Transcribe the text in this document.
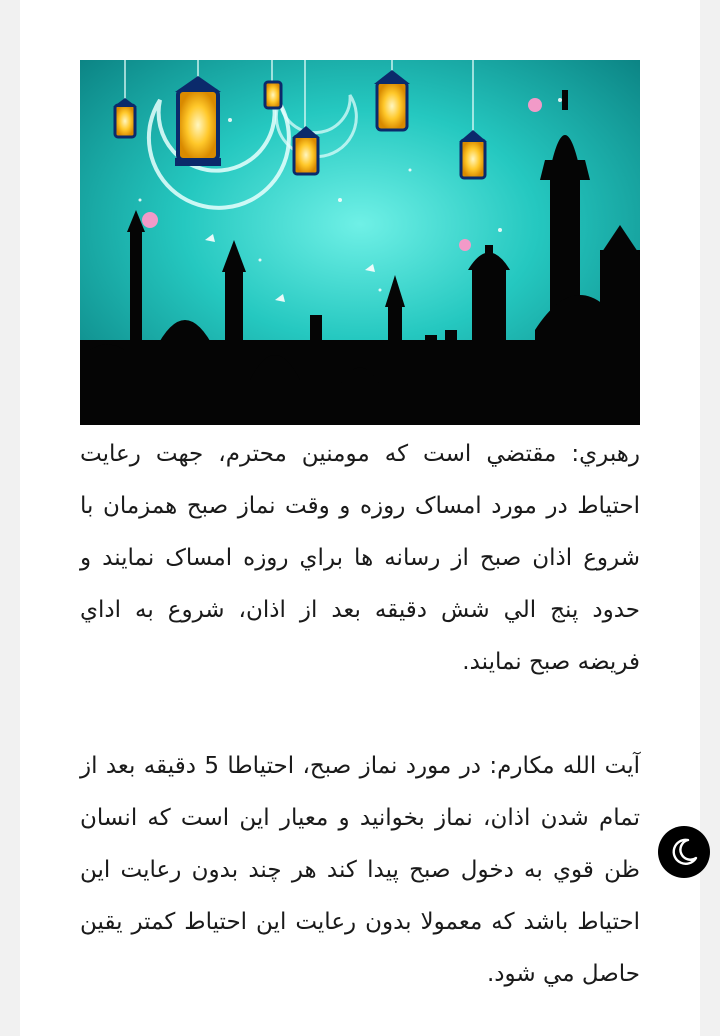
رهبري: مقتضي است که مومنين محترم، جهت رعايت احتياط در مورد امساک روزه و وقت نماز صبح همزمان با شروع اذان صبح از رسانه ها براي روزه امساک نمايند و حدود پنج الي شش دقيقه بعد از اذان، شروع به اداي فريضه صبح نمايند.

آيت الله مکارم: در مورد نماز صبح، احتياطا 5 دقيقه بعد از تمام شدن اذان، نماز بخوانيد و معيار اين است که انسان ظن قوي به دخول صبح پيدا کند هر چند بدون رعايت اين احتياط باشد که معمولا بدون رعايت اين احتياط کمتر يقين حاصل مي شود.
